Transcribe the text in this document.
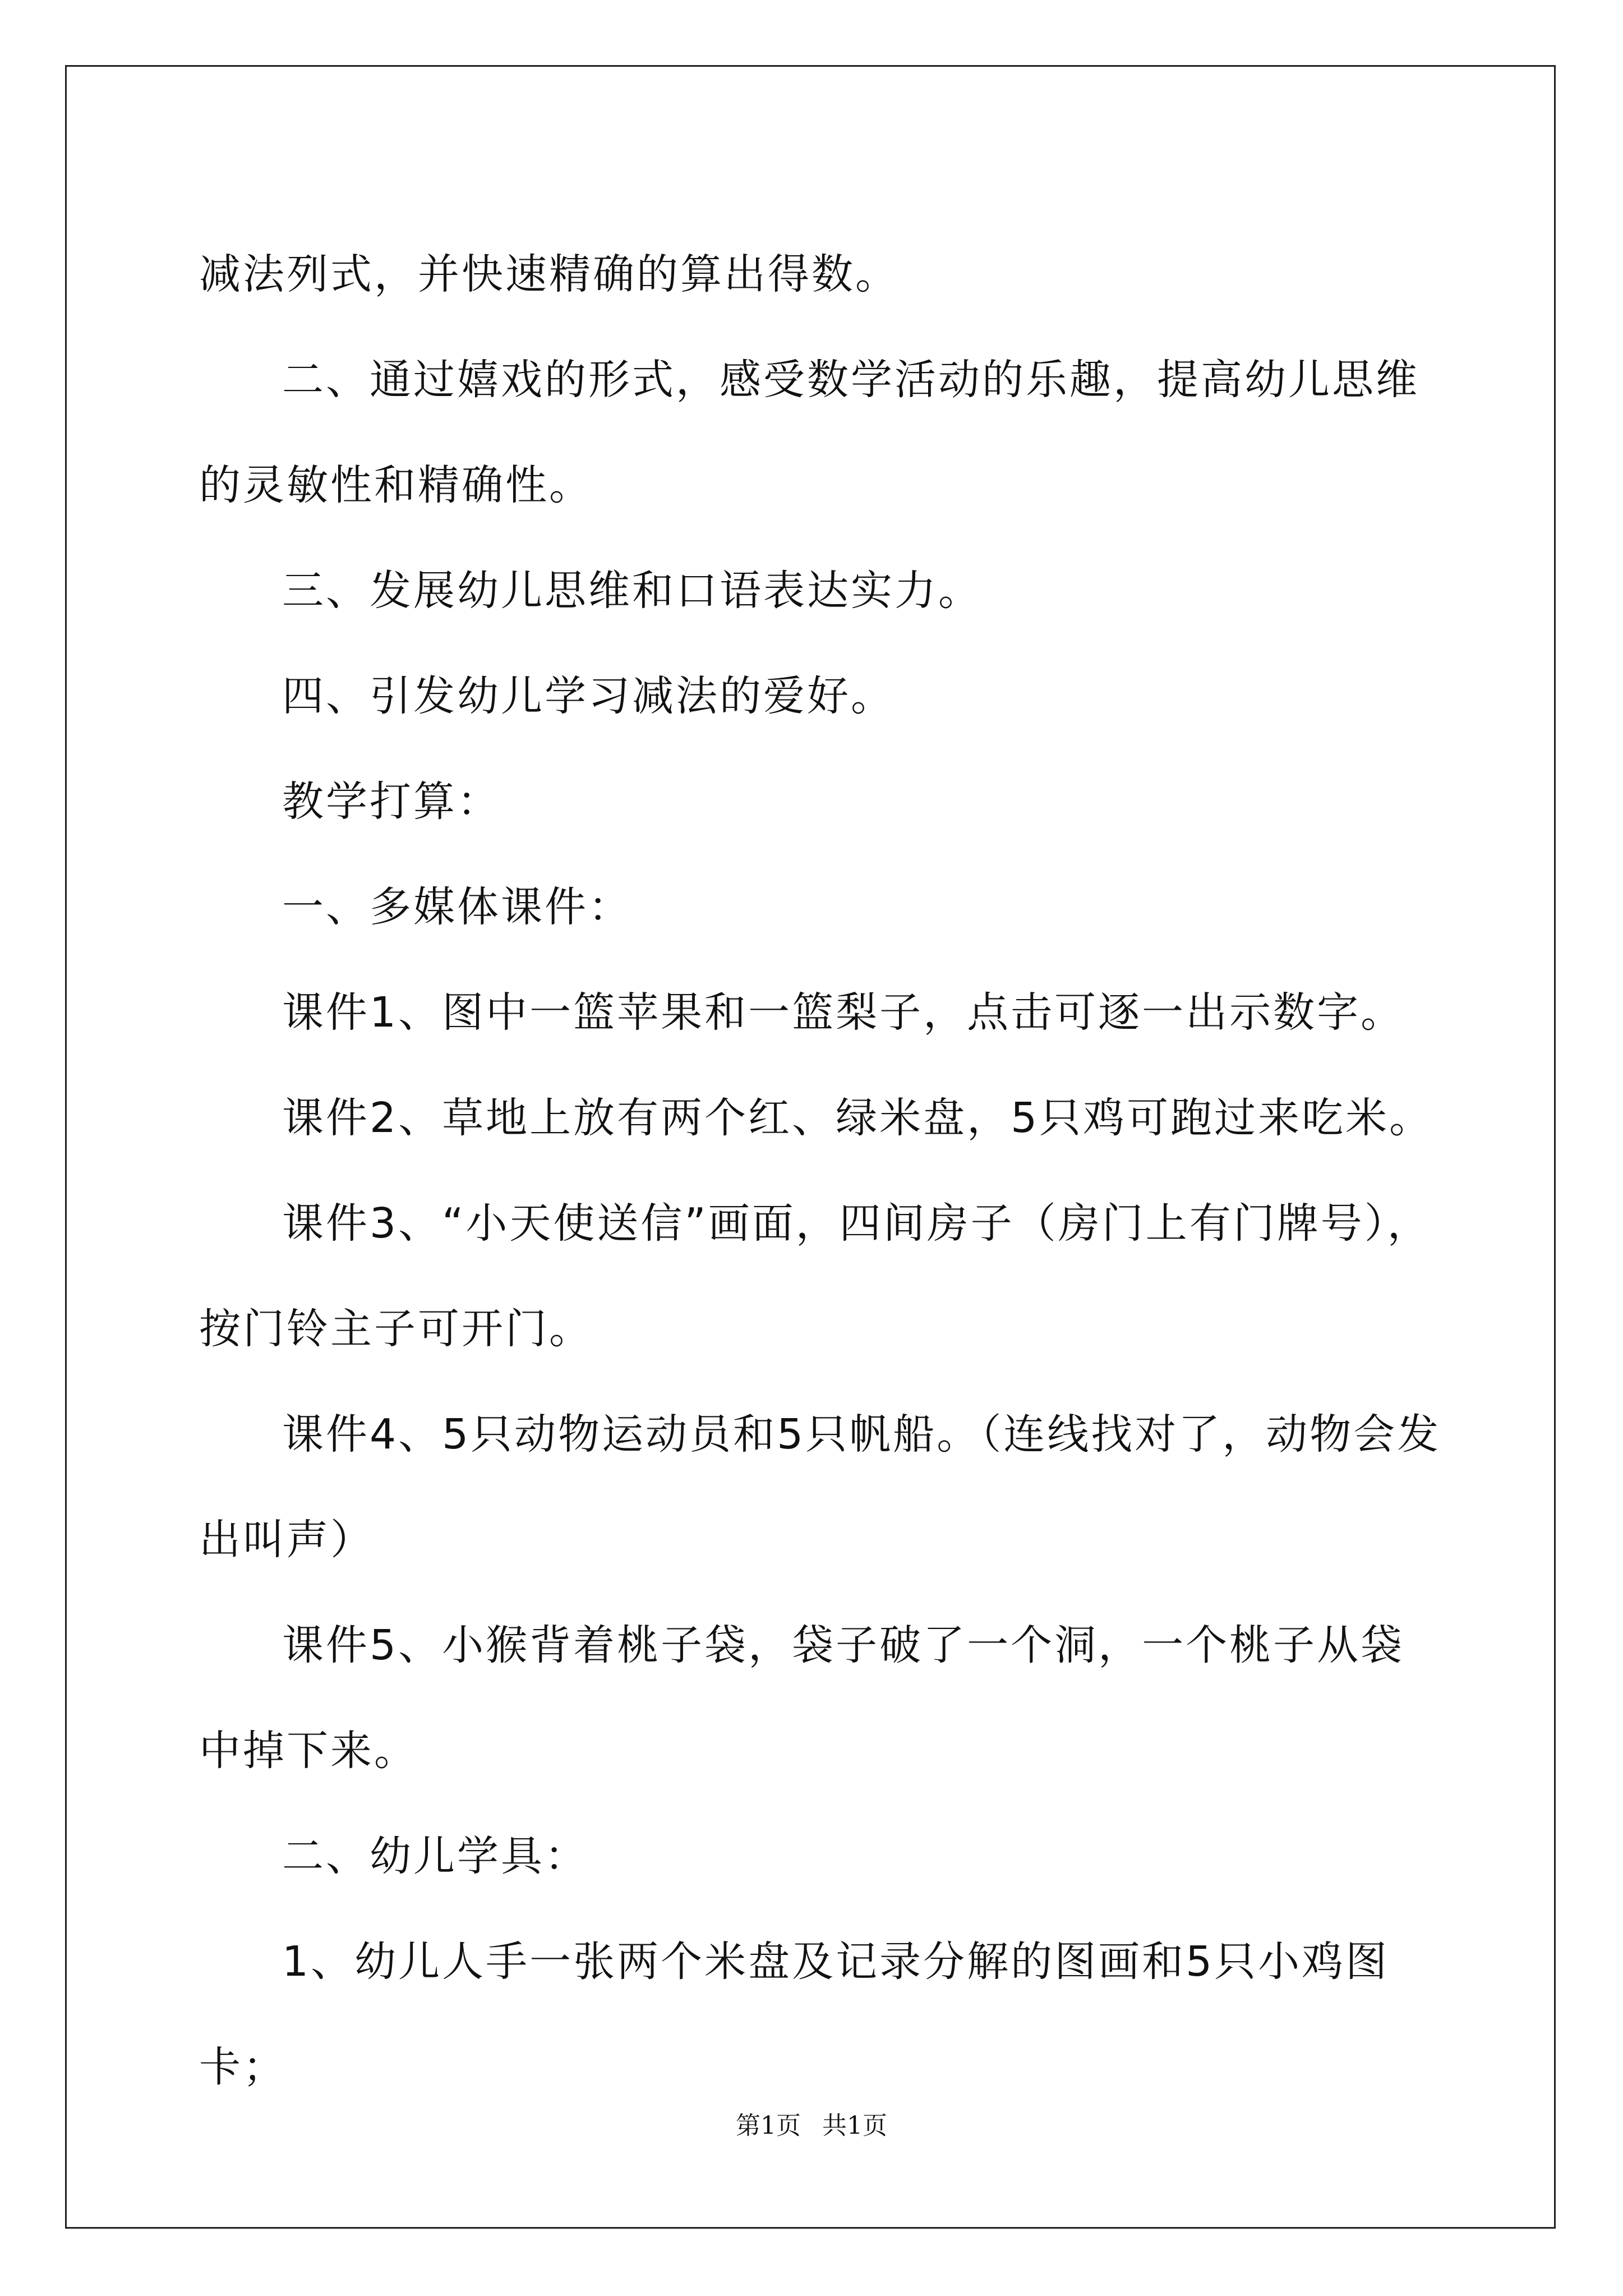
减法列式，并快速精确的算出得数。

二、通过嬉戏的形式，感受数学活动的乐趣，提高幼儿思维的灵敏性和精确性。

三、发展幼儿思维和口语表达实力。

四、引发幼儿学习减法的爱好。

教学打算：

一、多媒体课件：

课件1、图中一篮苹果和一篮梨子，点击可逐一出示数字。

课件2、草地上放有两个红、绿米盘，5只鸡可跑过来吃米。

课件3、“小天使送信”画面，四间房子（房门上有门牌号），按门铃主子可开门。

课件4、5只动物运动员和5只帆船。（连线找对了，动物会发出叫声）

课件5、小猴背着桃子袋，袋子破了一个洞，一个桃子从袋中掉下来。

二、幼儿学具：

1、幼儿人手一张两个米盘及记录分解的图画和5只小鸡图卡；

第1页 共1页
